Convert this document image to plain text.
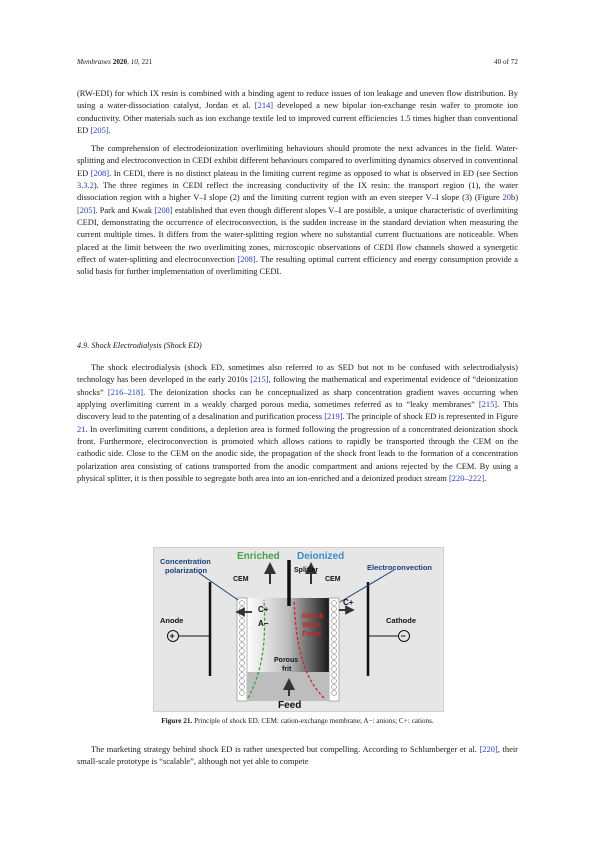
Membranes 2020, 10, 221	40 of 72

(RW-EDI) for which IX resin is combined with a binding agent to reduce issues of ion leakage and uneven flow distribution. By using a water-dissociation catalyst, Jordan et al. [214] developed a new bipolar ion-exchange resin wafer to promote ion conductivity. Other materials such as ion exchange textile led to improved current efficiencies 1.5 times higher than conventional ED [205].

The comprehension of electrodeionization overlimiting behaviours should promote the next advances in the field. Water-splitting and electroconvection in CEDI exhibit different behaviours compared to overlimiting dynamics observed in conventional ED [208]. In CEDI, there is no distinct plateau in the limiting current regime as opposed to what is observed in ED (see Section 3.3.2). The three regimes in CEDI reflect the increasing conductivity of the IX resin: the transport region (1), the water dissociation region with a higher V–I slope (2) and the limiting current region with an even steeper V–I slope (3) (Figure 20b) [205]. Park and Kwak [208] established that even though different slopes V–I are possible, a unique characteristic of overlimiting CEDI, demonstrating the occurrence of electroconvection, is the sudden increase in the standard deviation when measuring the current multiple times. It differs from the water-splitting region where no substantial current fluctuations are noticeable. When placed at the limit between the two overlimiting zones, microscopic observations of CEDI flow channels showed a synergetic effect of water-splitting and electroconvection [208]. The resulting optimal current efficiency and energy consumption provide a solid basis for further implementation of overlimiting CEDI.

4.9. Shock Electrodialysis (Shock ED)

The shock electrodialysis (shock ED, sometimes also referred to as SED but not to be confused with selectrodialysis) technology has been developed in the early 2010s [215], following the mathematical and experimental evidence of “deionization shocks” [216–218]. The deionization shocks can be conceptualized as sharp concentration gradient waves occurring when applying overlimiting current in a weakly charged porous media, sometimes referred as to “leaky membranes” [215]. This discovery lead to the patenting of a desalination and purification process [219]. The principle of shock ED is represented in Figure 21. In overlimiting current conditions, a depletion area is formed following the progression of a concentrated deionization shock front. Furthermore, electroconvection is promoted which allows cations to rapidly be transported through the CEM on the cathodic side. Close to the CEM on the anodic side, the propagation of the shock front leads to the formation of a concentration polarization area consisting of cations transported from the anodic compartment and anions rejected by the CEM. By using a physical splitter, it is then possible to segregate both area into an ion-enriched and a deionized product stream [220–222].

Enriched Deionized
Concentration
polarization	Splitter
CEM	CEM
Electroconvection
Anode
+
Cathode
−
C+
A−
C+
Shock
Wave
Front
Porous
frit
Feed
Figure 21. Principle of shock ED. CEM: cation-exchange membrane; A−: anions; C+: cations.

The marketing strategy behind shock ED is rather unexpected but compelling. According to Schlumberger et al. [220], their small-scale prototype is “scalable”, although not yet able to compete
